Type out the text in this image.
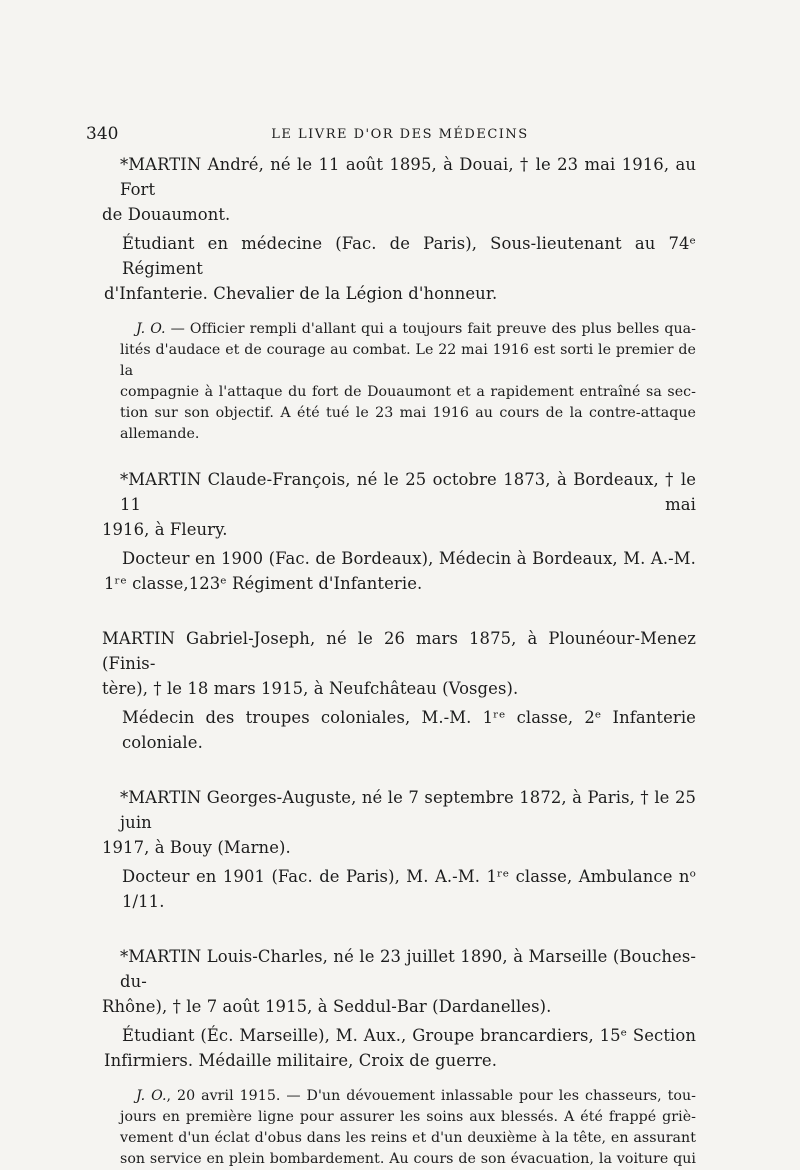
340	LE LIVRE D'OR DES MÉDECINS

*MARTIN André, né le 11 août 1895, à Douai, † le 23 mai 1916, au Fort
de Douaumont.

Étudiant en médecine (Fac. de Paris), Sous-lieutenant au 74ᵉ Régiment
d'Infanterie. Chevalier de la Légion d'honneur.

J. O. — Officier rempli d'allant qui a toujours fait preuve des plus belles qua-
lités d'audace et de courage au combat. Le 22 mai 1916 est sorti le premier de la
compagnie à l'attaque du fort de Douaumont et a rapidement entraîné sa sec-
tion sur son objectif. A été tué le 23 mai 1916 au cours de la contre-attaque
allemande.

*MARTIN Claude-François, né le 25 octobre 1873, à Bordeaux, † le 11 mai
1916, à Fleury.

Docteur en 1900 (Fac. de Bordeaux), Médecin à Bordeaux, M. A.-M.
1ʳᵉ classe,123ᵉ Régiment d'Infanterie.

MARTIN Gabriel-Joseph, né le 26 mars 1875, à Plounéour-Menez (Finis-
tère), † le 18 mars 1915, à Neufchâteau (Vosges).

Médecin des troupes coloniales, M.-M. 1ʳᵉ classe, 2ᵉ Infanterie coloniale.

*MARTIN Georges-Auguste, né le 7 septembre 1872, à Paris, † le 25 juin
1917, à Bouy (Marne).

Docteur en 1901 (Fac. de Paris), M. A.-M. 1ʳᵉ classe, Ambulance nᵒ 1/11.

*MARTIN Louis-Charles, né le 23 juillet 1890, à Marseille (Bouches-du-
Rhône), † le 7 août 1915, à Seddul-Bar (Dardanelles).

Étudiant (Éc. Marseille), M. Aux., Groupe brancardiers, 15ᵉ Section
Infirmiers. Médaille militaire, Croix de guerre.

J. O., 20 avril 1915. — D'un dévouement inlassable pour les chasseurs, tou-
jours en première ligne pour assurer les soins aux blessés. A été frappé griè-
vement d'un éclat d'obus dans les reins et d'un deuxième à la tête, en assurant
son service en plein bombardement. Au cours de son évacuation, la voiture qui
